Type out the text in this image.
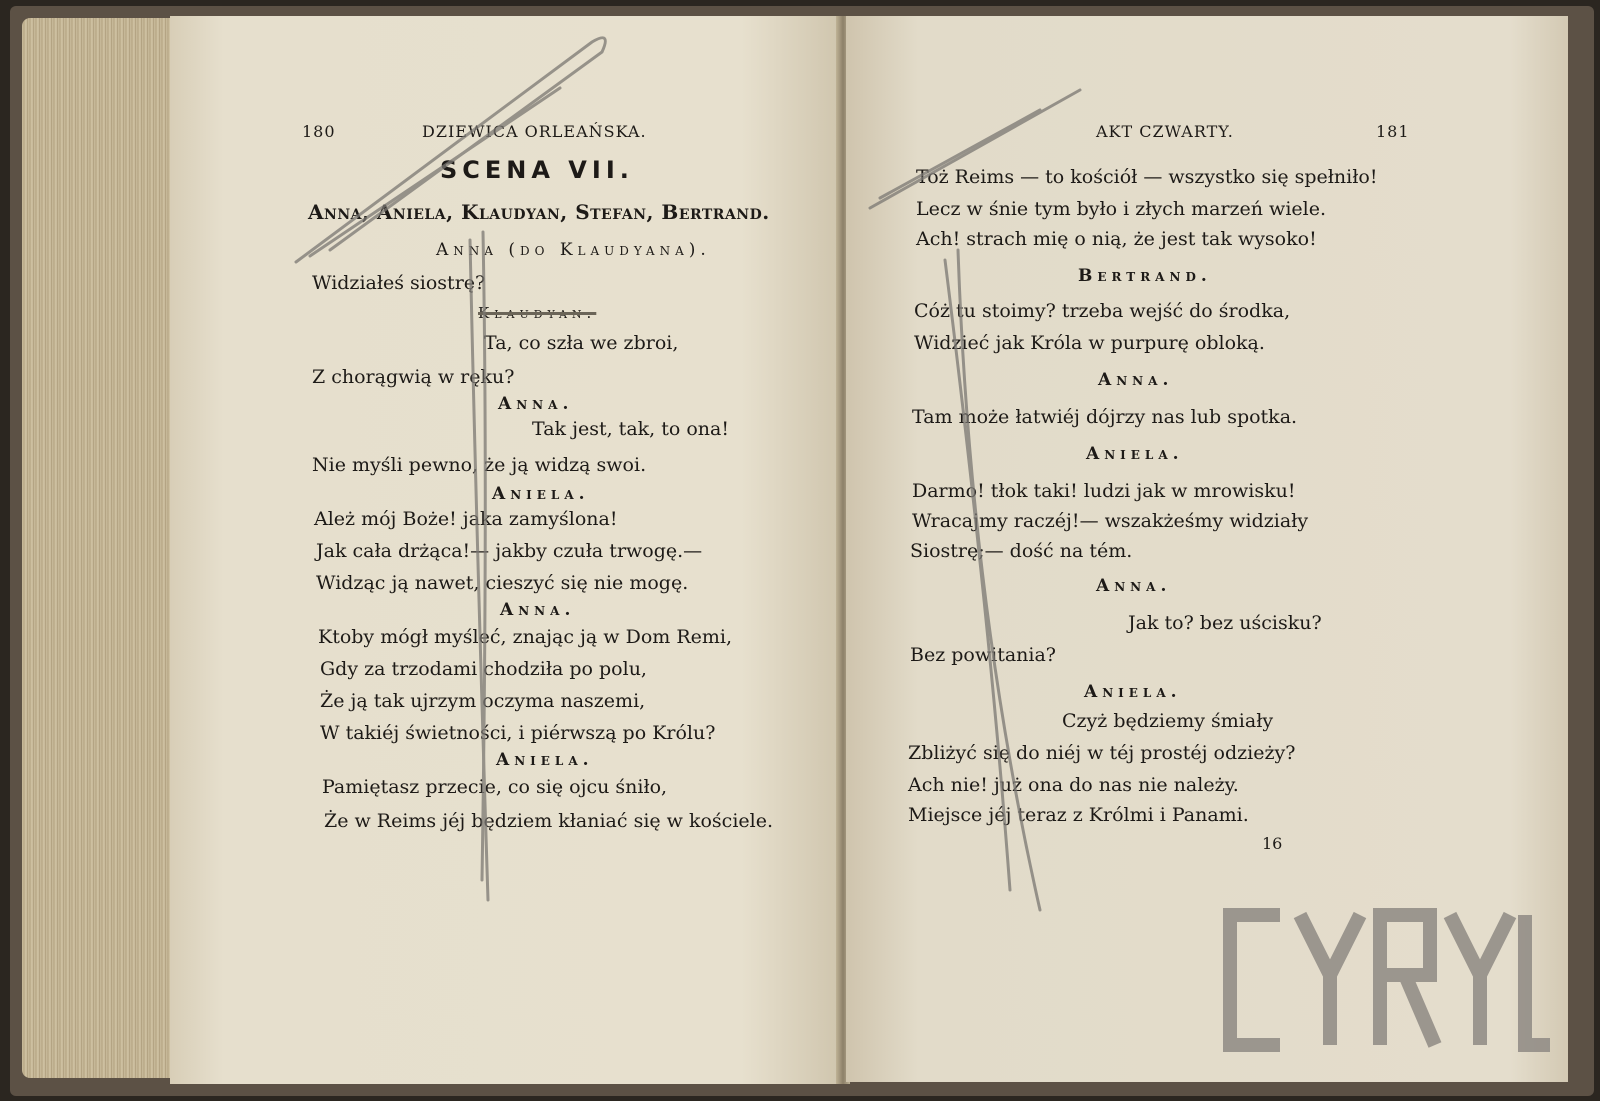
180	DZIEWICA ORLEAŃSKA.
SCENA VII.
Anna, Aniela, Klaudyan, Stefan, Bertrand.
Anna (do Klaudyana).
Widziałeś siostrę?
Klaudyan.
Ta, co szła we zbroi,
Z chorągwią w ręku?
Anna.
Tak jest, tak, to ona!
Nie myśli pewno, że ją widzą swoi.
Aniela.
Ależ mój Boże! jaka zamyślona!
Jak cała drżąca!— jakby czuła trwogę.—
Widząc ją nawet, cieszyć się nie mogę.
Anna.
Ktoby mógł myśleć, znając ją w Dom Remi,
Gdy za trzodami chodziła po polu,
Że ją tak ujrzym oczyma naszemi,
W takiéj świetności, i piérwszą po Królu?
Aniela.
Pamiętasz przecie, co się ojcu śniło,
Że w Reims jéj będziem kłaniać się w kościele.
AKT CZWARTY.	181
Toż Reims — to kościół — wszystko się spełniło!
Lecz w śnie tym było i złych marzeń wiele.
Ach! strach mię o nią, że jest tak wysoko!
Bertrand.
Cóż tu stoimy? trzeba wejść do środka,
Widzieć jak Króla w purpurę obloką.
Anna.
Tam może łatwiéj dójrzy nas lub spotka.
Aniela.
Darmo! tłok taki! ludzi jak w mrowisku!
Wracajmy raczéj!— wszakżeśmy widziały
Siostrę;— dość na tém.
Anna.
Jak to? bez uścisku?
Bez powitania?
Aniela.
Czyż będziemy śmiały
Zbliżyć się do niéj w téj prostéj odzieży?
Ach nie! już ona do nas nie należy.
Miejsce jéj teraz z Królmi i Panami.
16
